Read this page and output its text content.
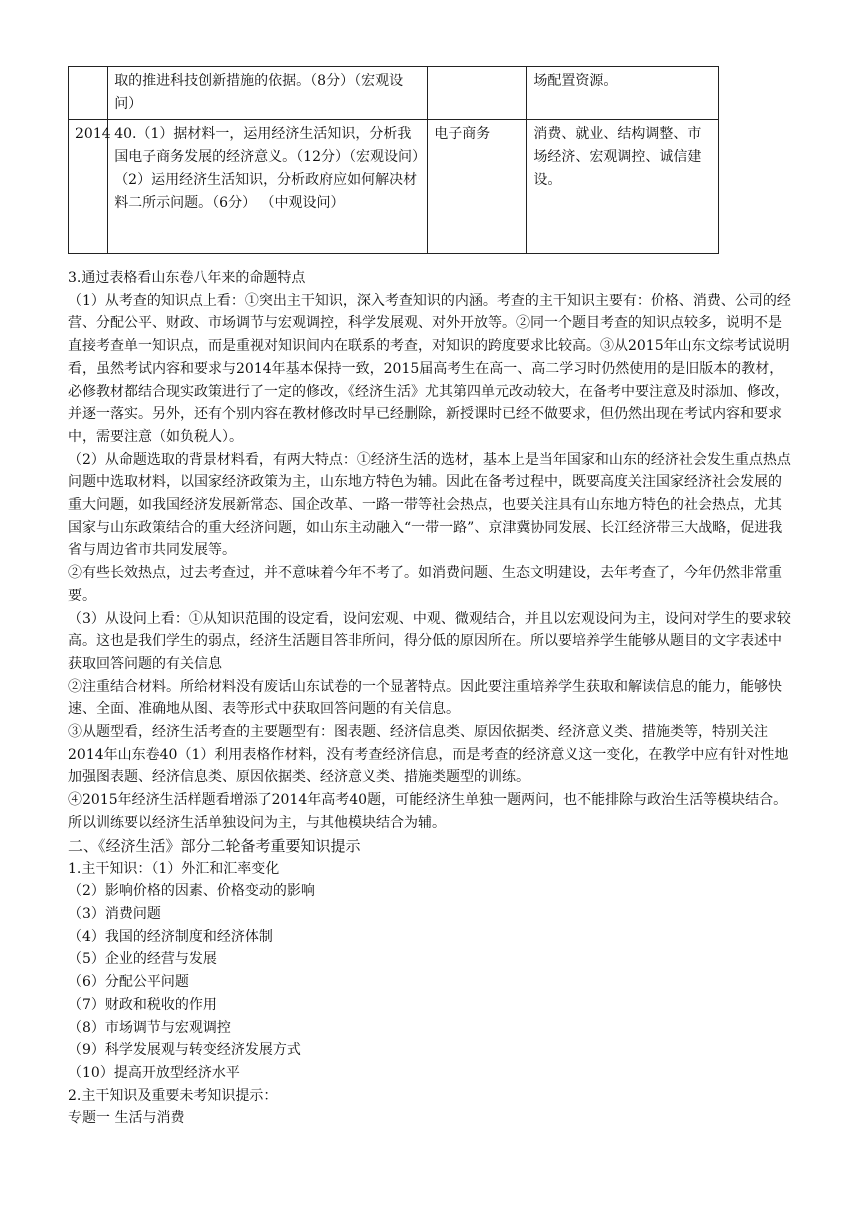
	取的推进科技创新措施的依据。（8分）（宏观设问）		场配置资源。
2014	40.（1）据材料一，运用经济生活知识，分析我国电子商务发展的经济意义。（12分）（宏观设问）
（2）运用经济生活知识，分析政府应如何解决材料二所示问题。（6分） （中观设问）	电子商务	消费、就业、结构调整、市场经济、宏观调控、诚信建设。
3.通过表格看山东卷八年来的命题特点
（1）从考查的知识点上看：①突出主干知识，深入考查知识的内涵。考查的主干知识主要有：价格、消费、公司的经营、分配公平、财政、市场调节与宏观调控，科学发展观、对外开放等。②同一个题目考查的知识点较多，说明不是直接考查单一知识点，而是重视对知识间内在联系的考查，对知识的跨度要求比较高。③从2015年山东文综考试说明看，虽然考试内容和要求与2014年基本保持一致，2015届高考生在高一、高二学习时仍然使用的是旧版本的教材，必修教材都结合现实政策进行了一定的修改，《经济生活》尤其第四单元改动较大，在备考中要注意及时添加、修改，并逐一落实。另外，还有个别内容在教材修改时早已经删除，新授课时已经不做要求，但仍然出现在考试内容和要求中，需要注意（如负税人）。
（2）从命题选取的背景材料看，有两大特点：①经济生活的选材，基本上是当年国家和山东的经济社会发生重点热点问题中选取材料，以国家经济政策为主，山东地方特色为辅。因此在备考过程中，既要高度关注国家经济社会发展的重大问题，如我国经济发展新常态、国企改革、一路一带等社会热点，也要关注具有山东地方特色的社会热点，尤其国家与山东政策结合的重大经济问题，如山东主动融入“一带一路”、京津冀协同发展、长江经济带三大战略，促进我省与周边省市共同发展等。
②有些长效热点，过去考查过，并不意味着今年不考了。如消费问题、生态文明建设，去年考查了，今年仍然非常重要。
（3）从设问上看：①从知识范围的设定看，设问宏观、中观、微观结合，并且以宏观设问为主，设问对学生的要求较高。这也是我们学生的弱点，经济生活题目答非所问，得分低的原因所在。所以要培养学生能够从题目的文字表述中获取回答问题的有关信息
②注重结合材料。所给材料没有废话山东试卷的一个显著特点。因此要注重培养学生获取和解读信息的能力，能够快速、全面、准确地从图、表等形式中获取回答问题的有关信息。
③从题型看，经济生活考查的主要题型有：图表题、经济信息类、原因依据类、经济意义类、措施类等，特别关注2014年山东卷40（1）利用表格作材料，没有考查经济信息，而是考查的经济意义这一变化，在教学中应有针对性地加强图表题、经济信息类、原因依据类、经济意义类、措施类题型的训练。
④2015年经济生活样题看增添了2014年高考40题，可能经济生单独一题两问，也不能排除与政治生活等模块结合。所以训练要以经济生活单独设问为主，与其他模块结合为辅。
二、《经济生活》部分二轮备考重要知识提示
1.主干知识：（1）外汇和汇率变化
（2）影响价格的因素、价格变动的影响
（3）消费问题
（4）我国的经济制度和经济体制
（5）企业的经营与发展
（6）分配公平问题
（7）财政和税收的作用
（8）市场调节与宏观调控
（9）科学发展观与转变经济发展方式
（10）提高开放型经济水平
2.主干知识及重要未考知识提示：
专题一 生活与消费
